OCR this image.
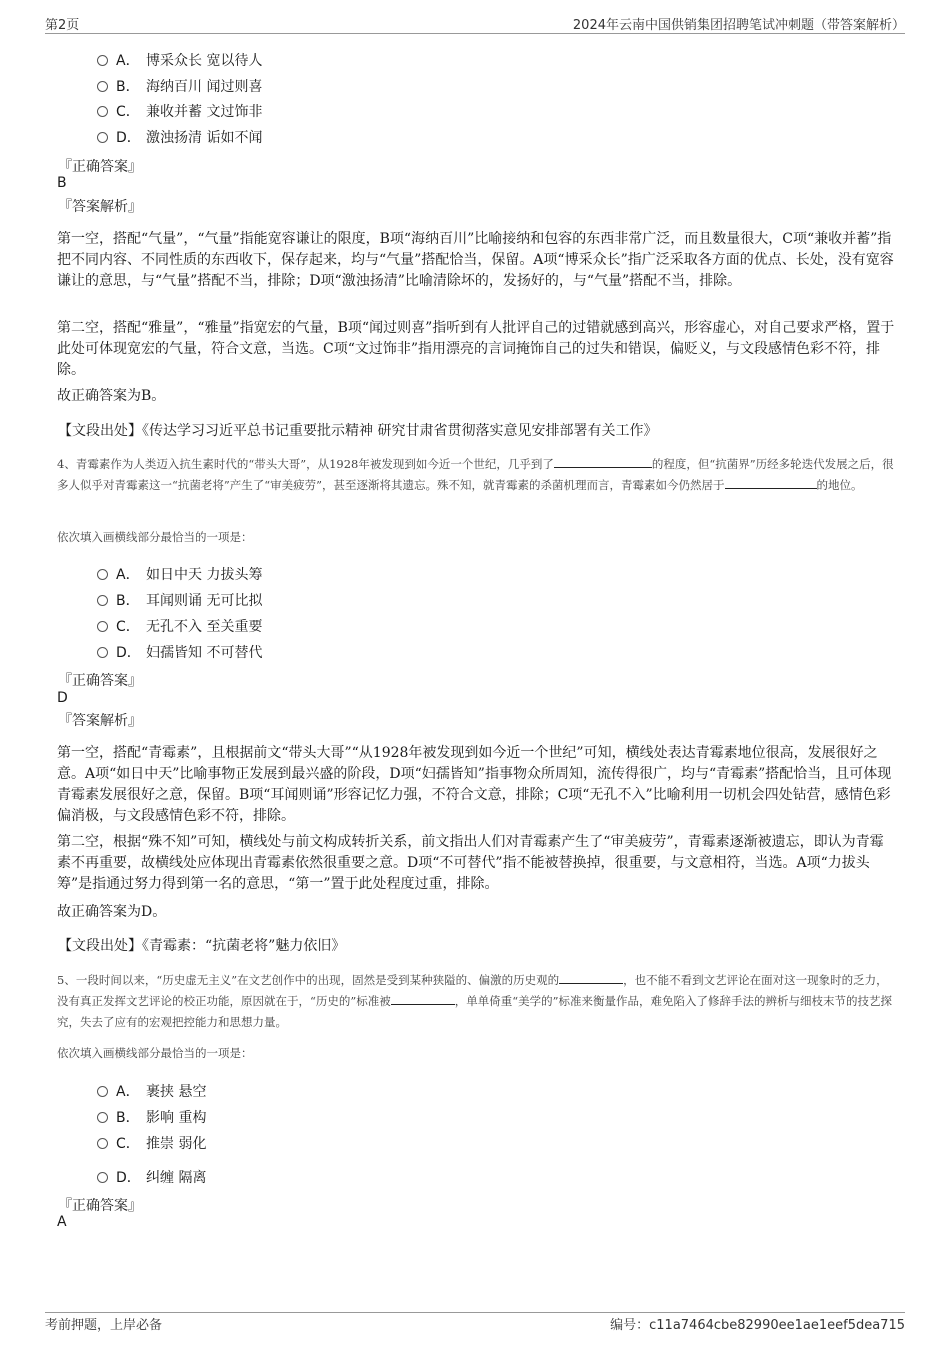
第2页	2024年云南中国供销集团招聘笔试冲刺题（带答案解析）
A． 博采众长 宽以待人
B． 海纳百川 闻过则喜
C． 兼收并蓄 文过饰非
D． 激浊扬清 诟如不闻
『正确答案』
B
『答案解析』
第一空，搭配“气量”，“气量”指能宽容谦让的限度，B项“海纳百川”比喻接纳和包容的东西非常广泛，而且数量很大，C项“兼收并蓄”指把不同内容、不同性质的东西收下，保存起来，均与“气量”搭配恰当，保留。A项“博采众长”指广泛采取各方面的优点、长处，没有宽容谦让的意思，与“气量”搭配不当，排除；D项“激浊扬清”比喻清除坏的，发扬好的，与“气量”搭配不当，排除。
第二空，搭配“雅量”，“雅量”指宽宏的气量，B项“闻过则喜”指听到有人批评自己的过错就感到高兴，形容虚心，对自己要求严格，置于此处可体现宽宏的气量，符合文意，当选。C项“文过饰非”指用漂亮的言词掩饰自己的过失和错误，偏贬义，与文段感情色彩不符，排除。
故正确答案为B。
【文段出处】《传达学习习近平总书记重要批示精神 研究甘肃省贯彻落实意见安排部署有关工作》
4、青霉素作为人类迈入抗生素时代的“带头大哥”，从1928年被发现到如今近一个世纪，几乎到了	的程度，但“抗菌界”历经多轮迭代发展之后，很多人似乎对青霉素这一“抗菌老将”产生了“审美疲劳”，甚至逐渐将其遗忘。殊不知，就青霉素的杀菌机理而言，青霉素如今仍然居于	的地位。
依次填入画横线部分最恰当的一项是：
A． 如日中天 力拔头筹
B． 耳闻则诵 无可比拟
C． 无孔不入 至关重要
D． 妇孺皆知 不可替代
『正确答案』
D
『答案解析』
第一空，搭配“青霉素”，且根据前文“带头大哥”“从1928年被发现到如今近一个世纪”可知，横线处表达青霉素地位很高，发展很好之意。A项“如日中天”比喻事物正发展到最兴盛的阶段，D项“妇孺皆知”指事物众所周知，流传得很广，均与“青霉素”搭配恰当，且可体现青霉素发展很好之意，保留。B项“耳闻则诵”形容记忆力强，不符合文意，排除；C项“无孔不入”比喻利用一切机会四处钻营，感情色彩偏消极，与文段感情色彩不符，排除。
第二空，根据“殊不知”可知，横线处与前文构成转折关系，前文指出人们对青霉素产生了“审美疲劳”，青霉素逐渐被遗忘，即认为青霉素不再重要，故横线处应体现出青霉素依然很重要之意。D项“不可替代”指不能被替换掉，很重要，与文意相符，当选。A项“力拔头筹”是指通过努力得到第一名的意思，“第一”置于此处程度过重，排除。
故正确答案为D。
【文段出处】《青霉素：“抗菌老将”魅力依旧》
5、一段时间以来，“历史虚无主义”在文艺创作中的出现，固然是受到某种狭隘的、偏激的历史观的	，也不能不看到文艺评论在面对这一现象时的乏力，没有真正发挥文艺评论的校正功能，原因就在于，“历史的”标准被	，单单倚重“美学的”标准来衡量作品，难免陷入了修辞手法的辨析与细枝末节的技艺探究，失去了应有的宏观把控能力和思想力量。
依次填入画横线部分最恰当的一项是：
A． 裹挟 悬空
B． 影响 重构
C． 推崇 弱化
D． 纠缠 隔离
『正确答案』
A
考前押题，上岸必备	编号：c11a7464cbe82990ee1ae1eef5dea715
